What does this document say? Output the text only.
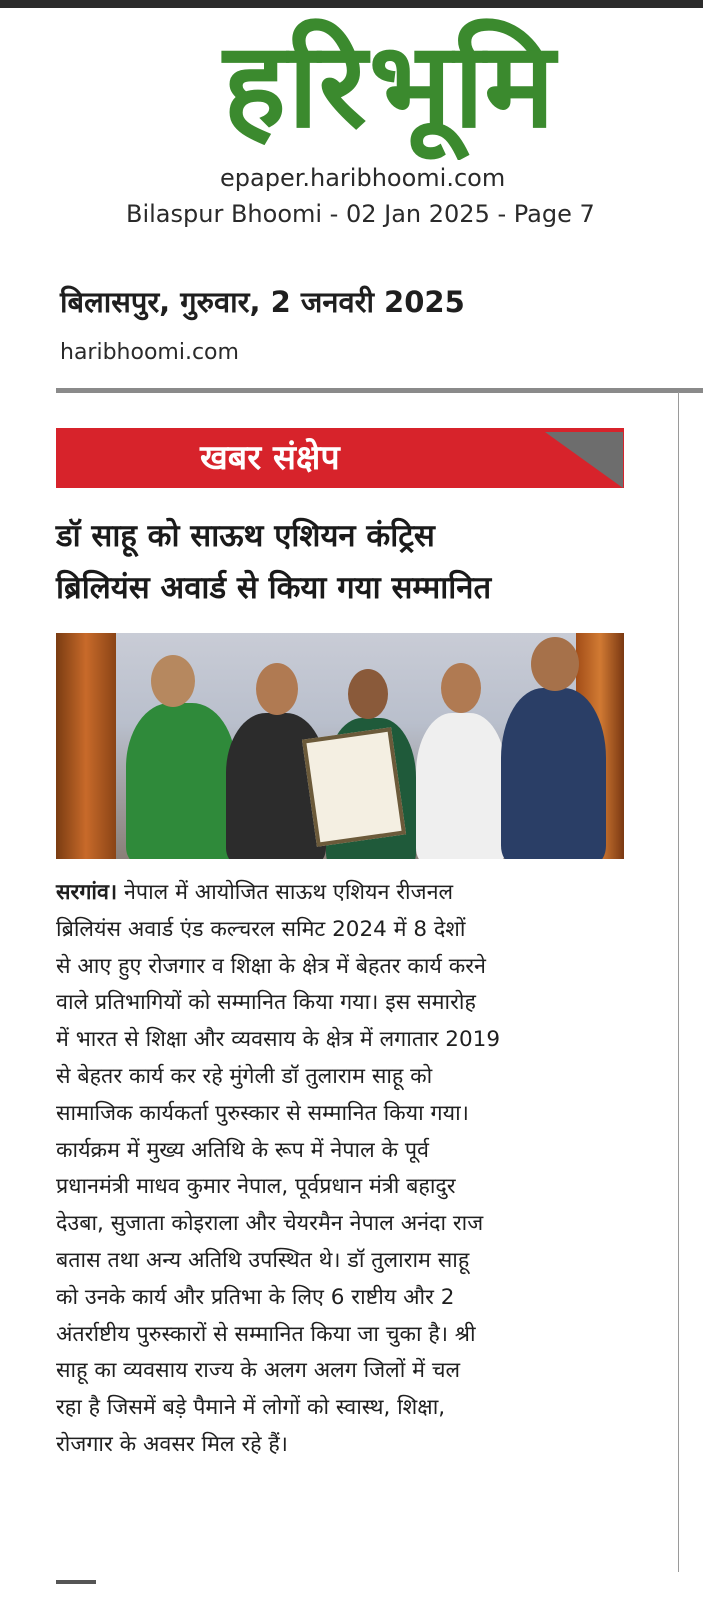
हरिभूमि
epaper.haribhoomi.com
Bilaspur Bhoomi - 02 Jan 2025 - Page 7
बिलासपुर, गुरुवार, 2 जनवरी 2025
haribhoomi.com
खबर संक्षेप
डॉ साहू को साऊथ एशियन कंट्रिस
ब्रिलियंस अवार्ड से किया गया सम्मानित
सरगांव। नेपाल में आयोजित साऊथ एशियन रीजनल
ब्रिलियंस अवार्ड एंड कल्चरल समिट 2024 में 8 देशों
से आए हुए रोजगार व शिक्षा के क्षेत्र में बेहतर कार्य करने
वाले प्रतिभागियों को सम्मानित किया गया। इस समारोह
में भारत से शिक्षा और व्यवसाय के क्षेत्र में लगातार 2019
से बेहतर कार्य कर रहे मुंगेली डॉ तुलाराम साहू को
सामाजिक कार्यकर्ता पुरुस्कार से सम्मानित किया गया।
कार्यक्रम में मुख्य अतिथि के रूप में नेपाल के पूर्व
प्रधानमंत्री माधव कुमार नेपाल, पूर्वप्रधान मंत्री बहादुर
देउबा, सुजाता कोइराला और चेयरमैन नेपाल अनंदा राज
बतास तथा अन्य अतिथि उपस्थित थे। डॉ तुलाराम साहू
को उनके कार्य और प्रतिभा के लिए 6 राष्टीय और 2
अंतर्राष्टीय पुरुस्कारों से सम्मानित किया जा चुका है। श्री
साहू का व्यवसाय राज्य के अलग अलग जिलों में चल
रहा है जिसमें बड़े पैमाने में लोगों को स्वास्थ, शिक्षा,
रोजगार के अवसर मिल रहे हैं।
